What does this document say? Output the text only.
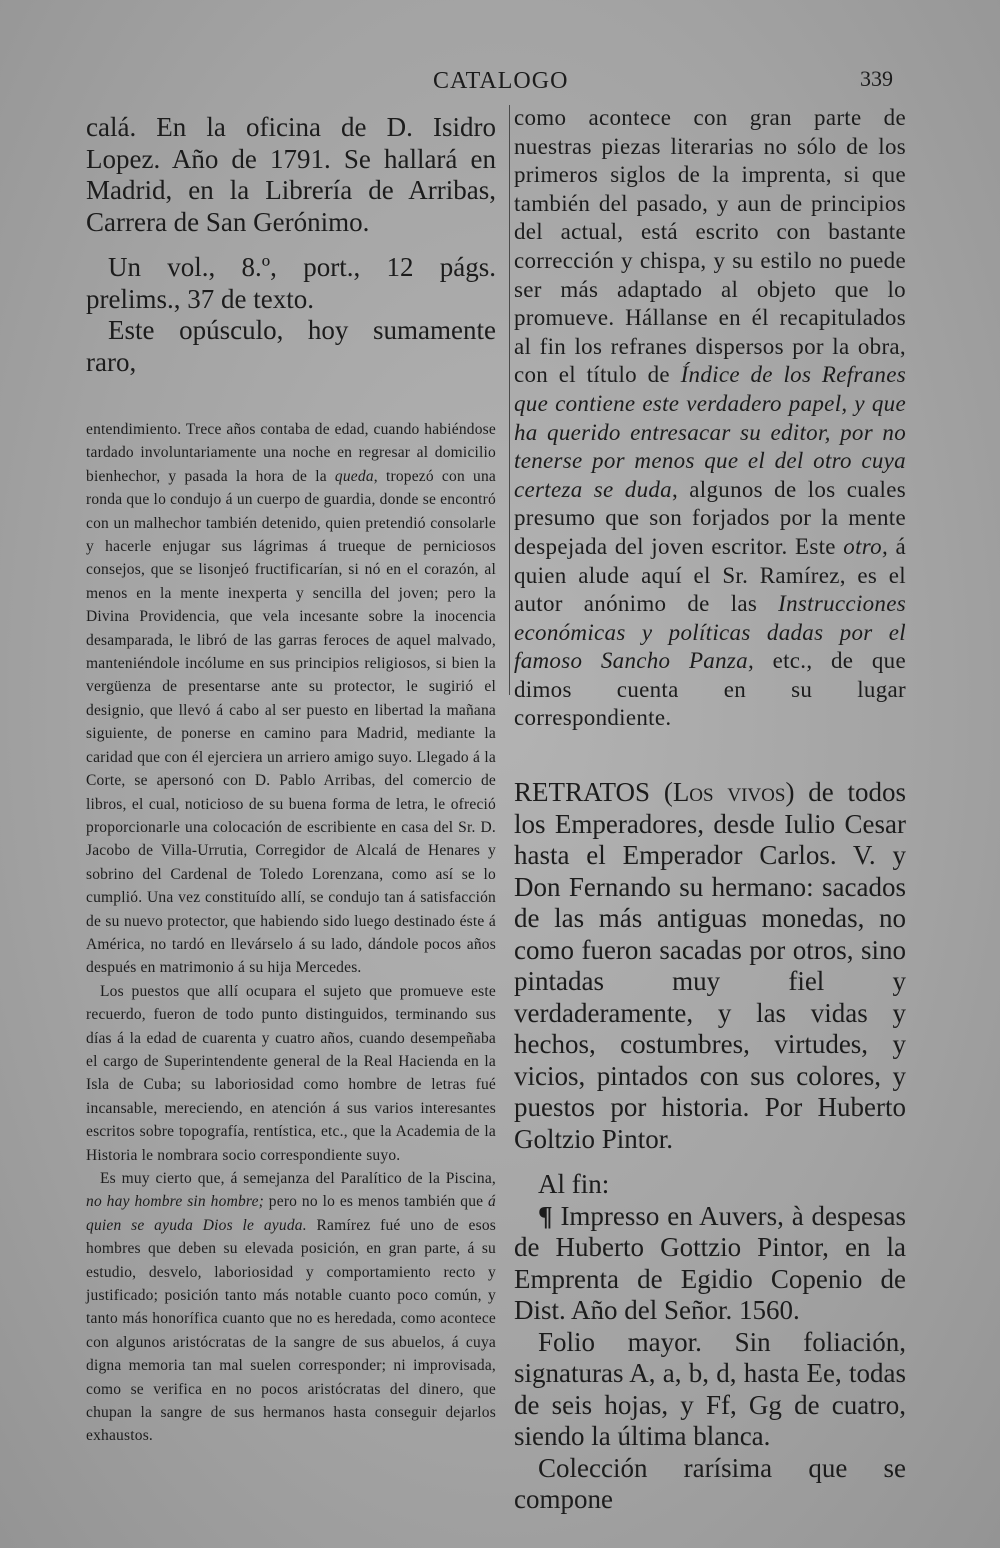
CATALOGO	339

calá. En la oficina de D. Isidro Lopez. Año de 1791. Se hallará en Madrid, en la Librería de Arribas, Carrera de San Gerónimo.

Un vol., 8.º, port., 12 págs. prelims., 37 de texto.

Este opúsculo, hoy sumamente raro,

entendimiento. Trece años contaba de edad, cuando habiéndose tardado involuntariamente una noche en regresar al domicilio bienhechor, y pasada la hora de la queda, tropezó con una ronda que lo condujo á un cuerpo de guardia, donde se encontró con un malhechor también detenido, quien pretendió consolarle y hacerle enjugar sus lágrimas á trueque de perniciosos consejos, que se lisonjeó fructificarían, si nó en el corazón, al menos en la mente inexperta y sencilla del joven; pero la Divina Providencia, que vela incesante sobre la inocencia desamparada, le libró de las garras feroces de aquel malvado, manteniéndole incólume en sus principios religiosos, si bien la vergüenza de presentarse ante su protector, le sugirió el designio, que llevó á cabo al ser puesto en libertad la mañana siguiente, de ponerse en camino para Madrid, mediante la caridad que con él ejerciera un arriero amigo suyo. Llegado á la Corte, se apersonó con D. Pablo Arribas, del comercio de libros, el cual, noticioso de su buena forma de letra, le ofreció proporcionarle una colocación de escribiente en casa del Sr. D. Jacobo de Villa-Urrutia, Corregidor de Alcalá de Henares y sobrino del Cardenal de Toledo Lorenzana, como así se lo cumplió. Una vez constituído allí, se condujo tan á satisfacción de su nuevo protector, que habiendo sido luego destinado éste á América, no tardó en llevárselo á su lado, dándole pocos años después en matrimonio á su hija Mercedes.

Los puestos que allí ocupara el sujeto que promueve este recuerdo, fueron de todo punto distinguidos, terminando sus días á la edad de cuarenta y cuatro años, cuando desempeñaba el cargo de Superintendente general de la Real Hacienda en la Isla de Cuba; su laboriosidad como hombre de letras fué incansable, mereciendo, en atención á sus varios interesantes escritos sobre topografía, rentística, etc., que la Academia de la Historia le nombrara socio correspondiente suyo.

Es muy cierto que, á semejanza del Paralítico de la Piscina, no hay hombre sin hombre; pero no lo es menos también que á quien se ayuda Dios le ayuda. Ramírez fué uno de esos hombres que deben su elevada posición, en gran parte, á su estudio, desvelo, laboriosidad y comportamiento recto y justificado; posición tanto más notable cuanto poco común, y tanto más honorífica cuanto que no es heredada, como acontece con algunos aristócratas de la sangre de sus abuelos, á cuya digna memoria tan mal suelen corresponder; ni improvisada, como se verifica en no pocos aristócratas del dinero, que chupan la sangre de sus hermanos hasta conseguir dejarlos exhaustos.

como acontece con gran parte de nuestras piezas literarias no sólo de los primeros siglos de la imprenta, si que también del pasado, y aun de principios del actual, está escrito con bastante corrección y chispa, y su estilo no puede ser más adaptado al objeto que lo promueve. Hállanse en él recapitulados al fin los refranes dispersos por la obra, con el título de Índice de los Refranes que contiene este verdadero papel, y que ha querido entresacar su editor, por no tenerse por menos que el del otro cuya certeza se duda, algunos de los cuales presumo que son forjados por la mente despejada del joven escritor. Este otro, á quien alude aquí el Sr. Ramírez, es el autor anónimo de las Instrucciones económicas y políticas dadas por el famoso Sancho Panza, etc., de que dimos cuenta en su lugar correspondiente.

RETRATOS (Los vivos) de todos los Emperadores, desde Iulio Cesar hasta el Emperador Carlos. V. y Don Fernando su hermano: sacados de las más antiguas monedas, no como fueron sacadas por otros, sino pintadas muy fiel y verdaderamente, y las vidas y hechos, costumbres, virtudes, y vicios, pintados con sus colores, y puestos por historia. Por Huberto Goltzio Pintor.

Al fin:

¶ Impresso en Auvers, à despesas de Huberto Gottzio Pintor, en la Emprenta de Egidio Copenio de Dist. Año del Señor. 1560.

Folio mayor. Sin foliación, signaturas A, a, b, d, hasta Ee, todas de seis hojas, y Ff, Gg de cuatro, siendo la última blanca.

Colección rarísima que se compone
